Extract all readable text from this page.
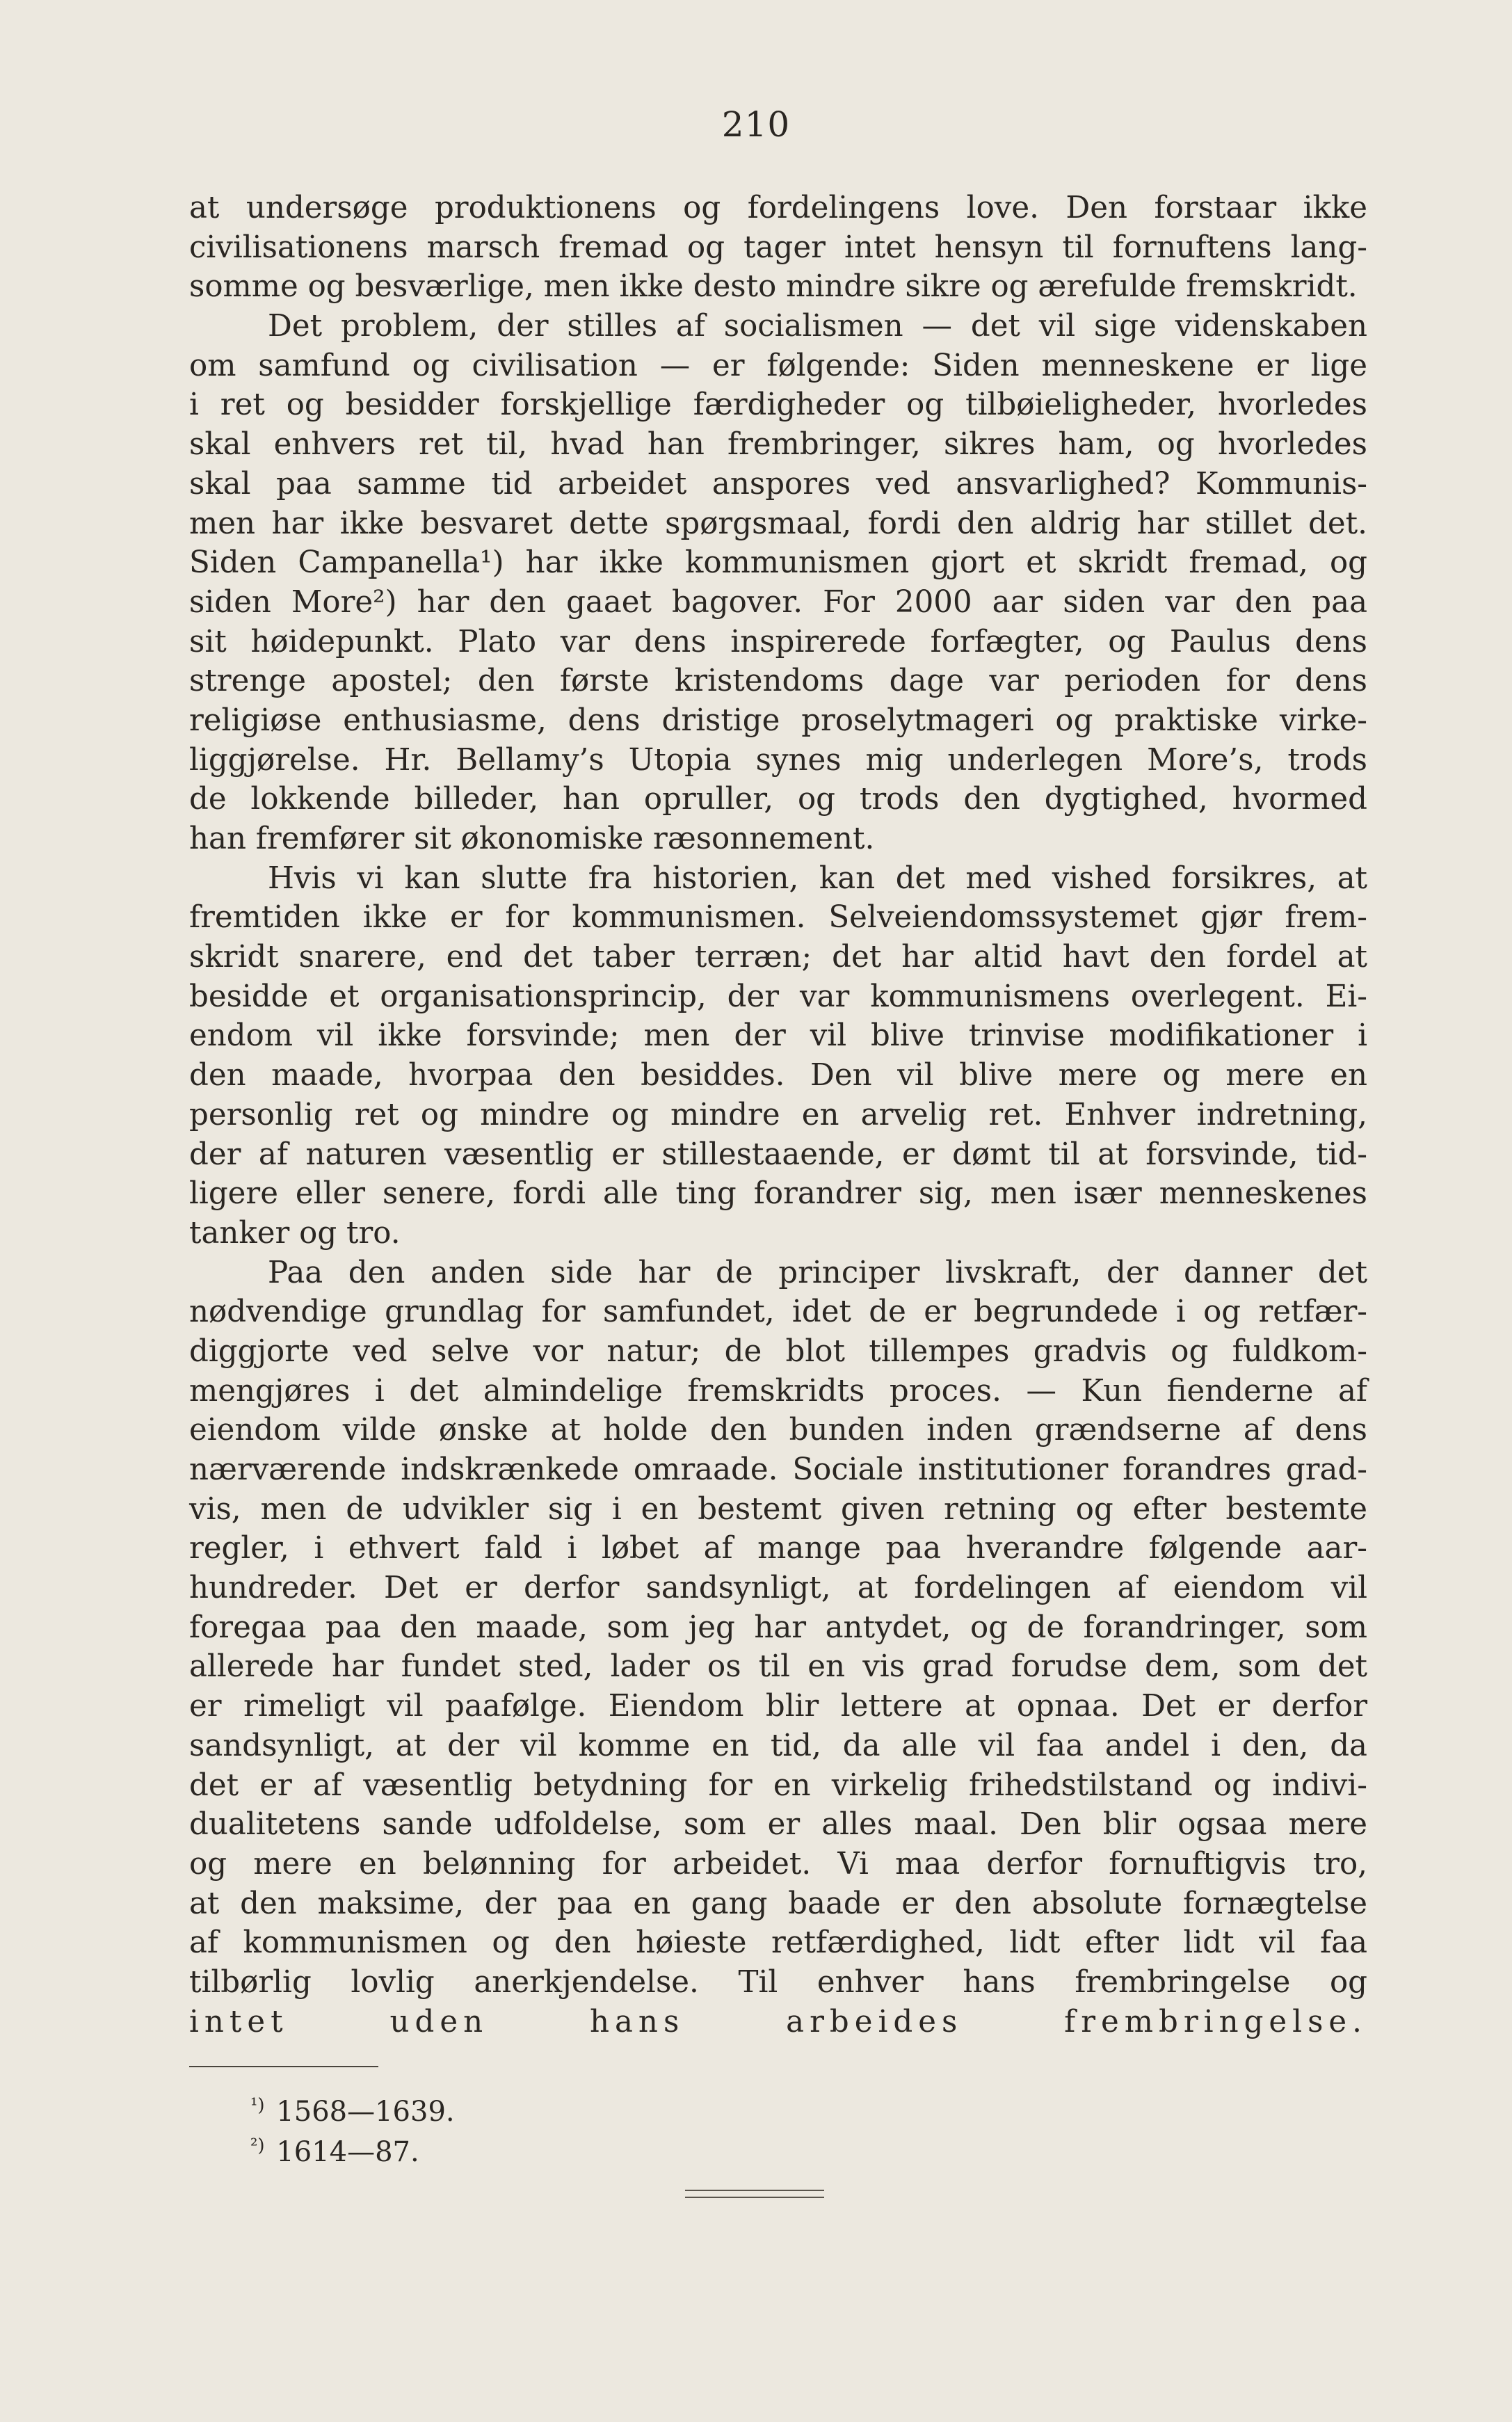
210
at undersøge produktionens og fordelingens love. Den forstaar ikke
civilisationens marsch fremad og tager intet hensyn til fornuftens lang-
somme og besværlige, men ikke desto mindre sikre og ærefulde fremskridt.
Det problem, der stilles af socialismen — det vil sige videnskaben
om samfund og civilisation — er følgende: Siden menneskene er lige
i ret og besidder forskjellige færdigheder og tilbøieligheder, hvorledes
skal enhvers ret til, hvad han frembringer, sikres ham, og hvorledes
skal paa samme tid arbeidet anspores ved ansvarlighed? Kommunis-
men har ikke besvaret dette spørgsmaal, fordi den aldrig har stillet det.
Siden Campanella¹) har ikke kommunismen gjort et skridt fremad, og
siden More²) har den gaaet bagover. For 2000 aar siden var den paa
sit høidepunkt. Plato var dens inspirerede forfægter, og Paulus dens
strenge apostel; den første kristendoms dage var perioden for dens
religiøse enthusiasme, dens dristige proselytmageri og praktiske virke-
liggjørelse. Hr. Bellamy’s Utopia synes mig underlegen More’s, trods
de lokkende billeder, han opruller, og trods den dygtighed, hvormed
han fremfører sit økonomiske ræsonnement.
Hvis vi kan slutte fra historien, kan det med vished forsikres, at
fremtiden ikke er for kommunismen. Selveiendomssystemet gjør frem-
skridt snarere, end det taber terræn; det har altid havt den fordel at
besidde et organisationsprincip, der var kommunismens overlegent. Ei-
endom vil ikke forsvinde; men der vil blive trinvise modifikationer i
den maade, hvorpaa den besiddes. Den vil blive mere og mere en
personlig ret og mindre og mindre en arvelig ret. Enhver indretning,
der af naturen væsentlig er stillestaaende, er dømt til at forsvinde, tid-
ligere eller senere, fordi alle ting forandrer sig, men især menneskenes
tanker og tro.
Paa den anden side har de principer livskraft, der danner det
nødvendige grundlag for samfundet, idet de er begrundede i og retfær-
diggjorte ved selve vor natur; de blot tillempes gradvis og fuldkom-
mengjøres i det almindelige fremskridts proces. — Kun fienderne af
eiendom vilde ønske at holde den bunden inden grændserne af dens
nærværende indskrænkede omraade. Sociale institutioner forandres grad-
vis, men de udvikler sig i en bestemt given retning og efter bestemte
regler, i ethvert fald i løbet af mange paa hverandre følgende aar-
hundreder. Det er derfor sandsynligt, at fordelingen af eiendom vil
foregaa paa den maade, som jeg har antydet, og de forandringer, som
allerede har fundet sted, lader os til en vis grad forudse dem, som det
er rimeligt vil paafølge. Eiendom blir lettere at opnaa. Det er derfor
sandsynligt, at der vil komme en tid, da alle vil faa andel i den, da
det er af væsentlig betydning for en virkelig frihedstilstand og indivi-
dualitetens sande udfoldelse, som er alles maal. Den blir ogsaa mere
og mere en belønning for arbeidet. Vi maa derfor fornuftigvis tro,
at den maksime, der paa en gang baade er den absolute fornægtelse
af kommunismen og den høieste retfærdighed, lidt efter lidt vil faa
tilbørlig lovlig anerkjendelse. Til enhver hans frembringelse og
intet uden hans arbeides frembringelse.
$^{^1)}$ 1568—1639.
$^{^2)}$ 1614—87.
